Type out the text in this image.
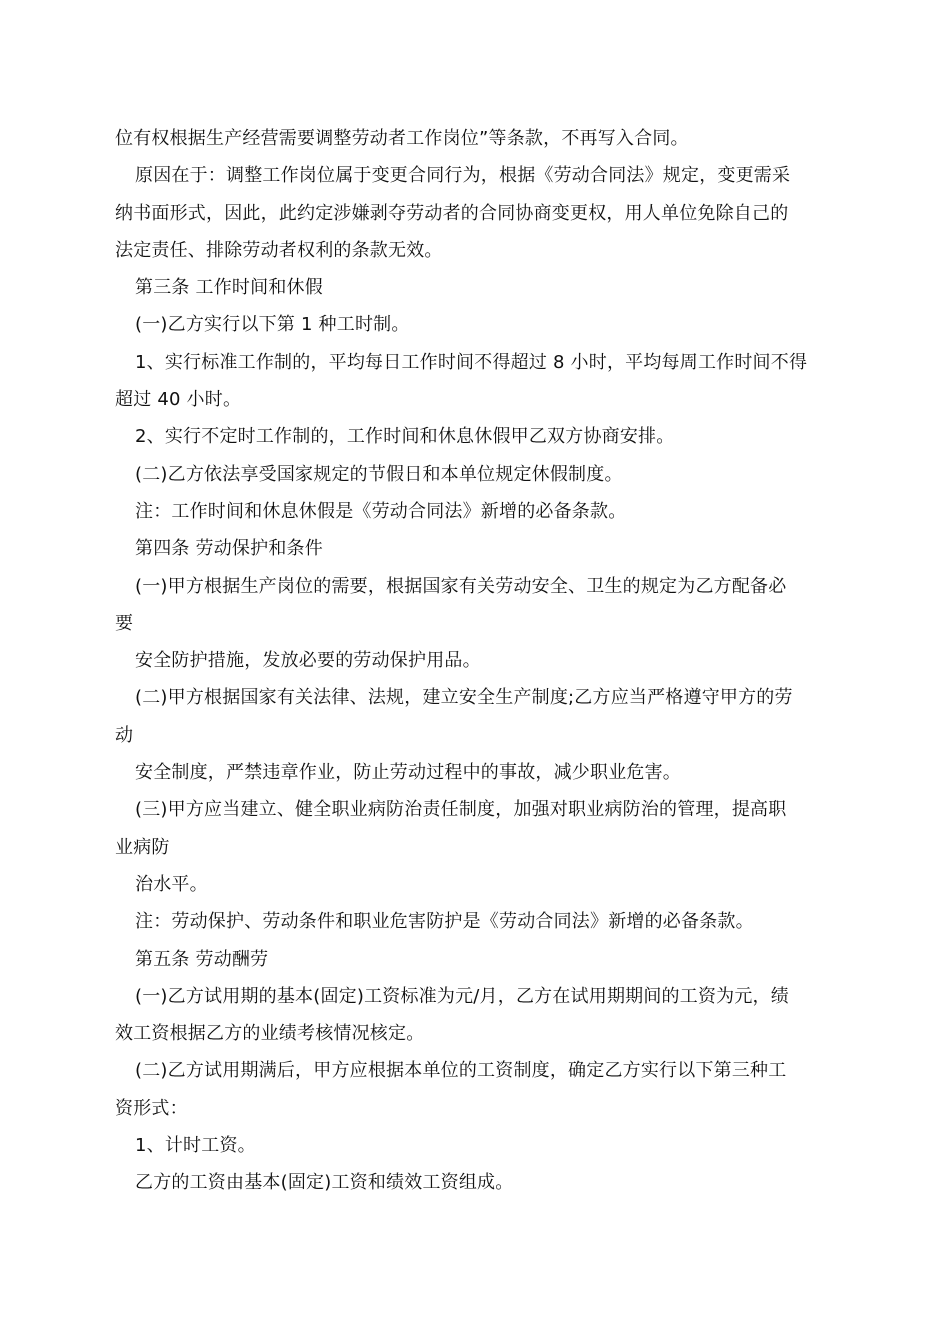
位有权根据生产经营需要调整劳动者工作岗位”等条款，不再写入合同。
原因在于：调整工作岗位属于变更合同行为，根据《劳动合同法》规定，变更需采
纳书面形式，因此，此约定涉嫌剥夺劳动者的合同协商变更权，用人单位免除自己的
法定责任、排除劳动者权利的条款无效。
第三条 工作时间和休假
(一)乙方实行以下第 1 种工时制。
1、实行标准工作制的，平均每日工作时间不得超过 8 小时，平均每周工作时间不得
超过 40 小时。
2、实行不定时工作制的，工作时间和休息休假甲乙双方协商安排。
(二)乙方依法享受国家规定的节假日和本单位规定休假制度。
注：工作时间和休息休假是《劳动合同法》新增的必备条款。
第四条 劳动保护和条件
(一)甲方根据生产岗位的需要，根据国家有关劳动安全、卫生的规定为乙方配备必
要
安全防护措施，发放必要的劳动保护用品。
(二)甲方根据国家有关法律、法规，建立安全生产制度;乙方应当严格遵守甲方的劳
动
安全制度，严禁违章作业，防止劳动过程中的事故，减少职业危害。
(三)甲方应当建立、健全职业病防治责任制度，加强对职业病防治的管理，提高职
业病防
治水平。
注：劳动保护、劳动条件和职业危害防护是《劳动合同法》新增的必备条款。
第五条 劳动酬劳
(一)乙方试用期的基本(固定)工资标准为元/月，乙方在试用期期间的工资为元，绩
效工资根据乙方的业绩考核情况核定。
(二)乙方试用期满后，甲方应根据本单位的工资制度，确定乙方实行以下第三种工
资形式：
1、计时工资。
乙方的工资由基本(固定)工资和绩效工资组成。
